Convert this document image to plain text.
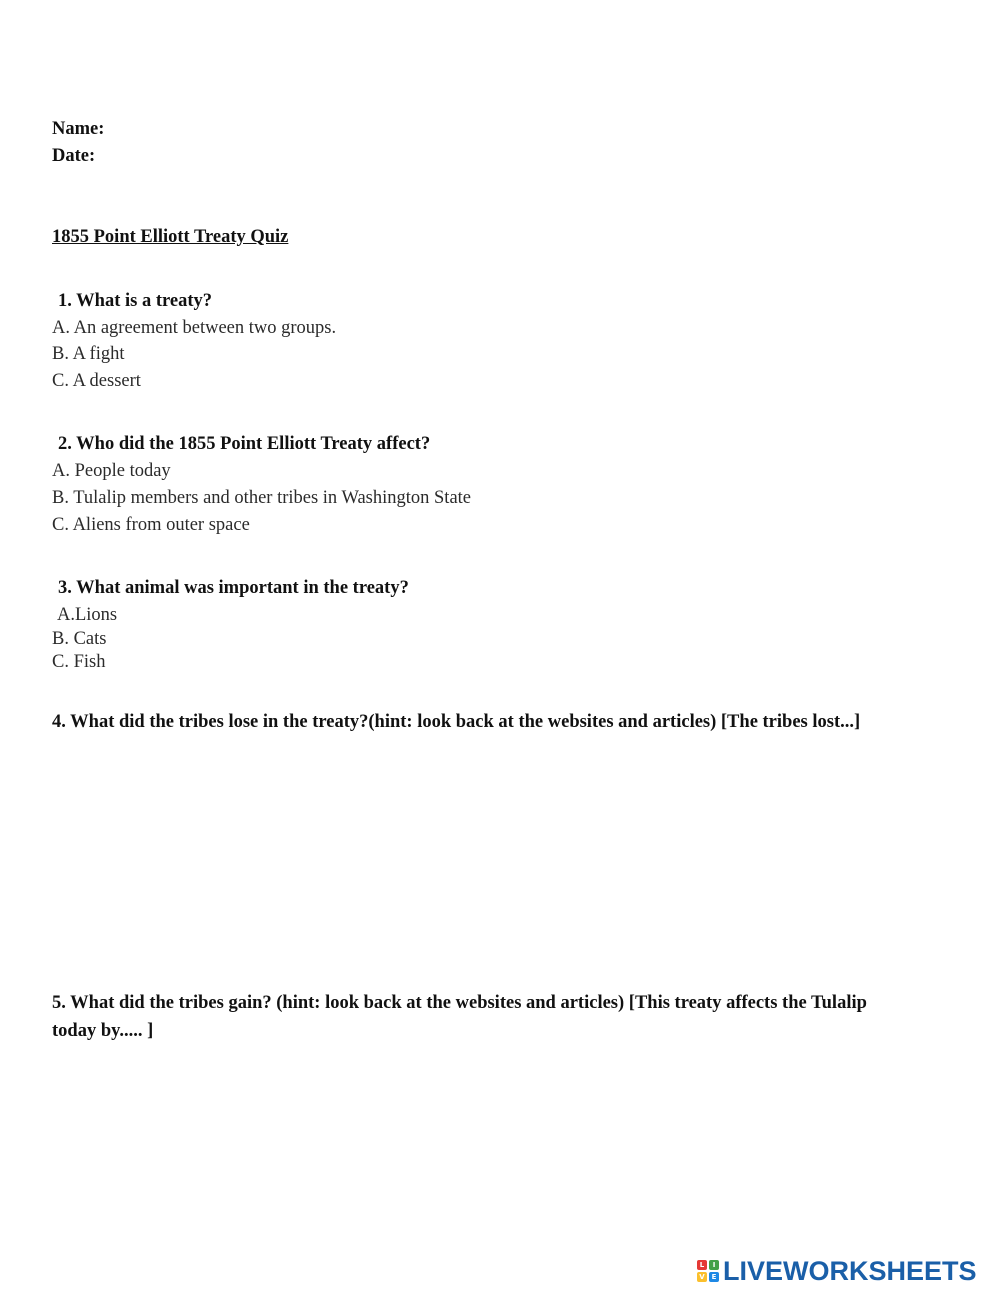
Name:
Date:
1855 Point Elliott Treaty Quiz
1. What is a treaty?
A. An agreement between two groups.
B. A fight
C. A dessert
2. Who did the 1855 Point Elliott Treaty affect?
A. People today
B. Tulalip members and other tribes in Washington State
C. Aliens from outer space
3. What animal was important in the treaty?
A.Lions
B. Cats
C. Fish
4. What did the tribes lose in the treaty?(hint: look back at the websites and articles) [The tribes lost...]
5. What did the tribes gain? (hint: look back at the websites and articles) [This treaty affects the Tulalip today by..... ]
L	I
V E LIVEWORKSHEETS
